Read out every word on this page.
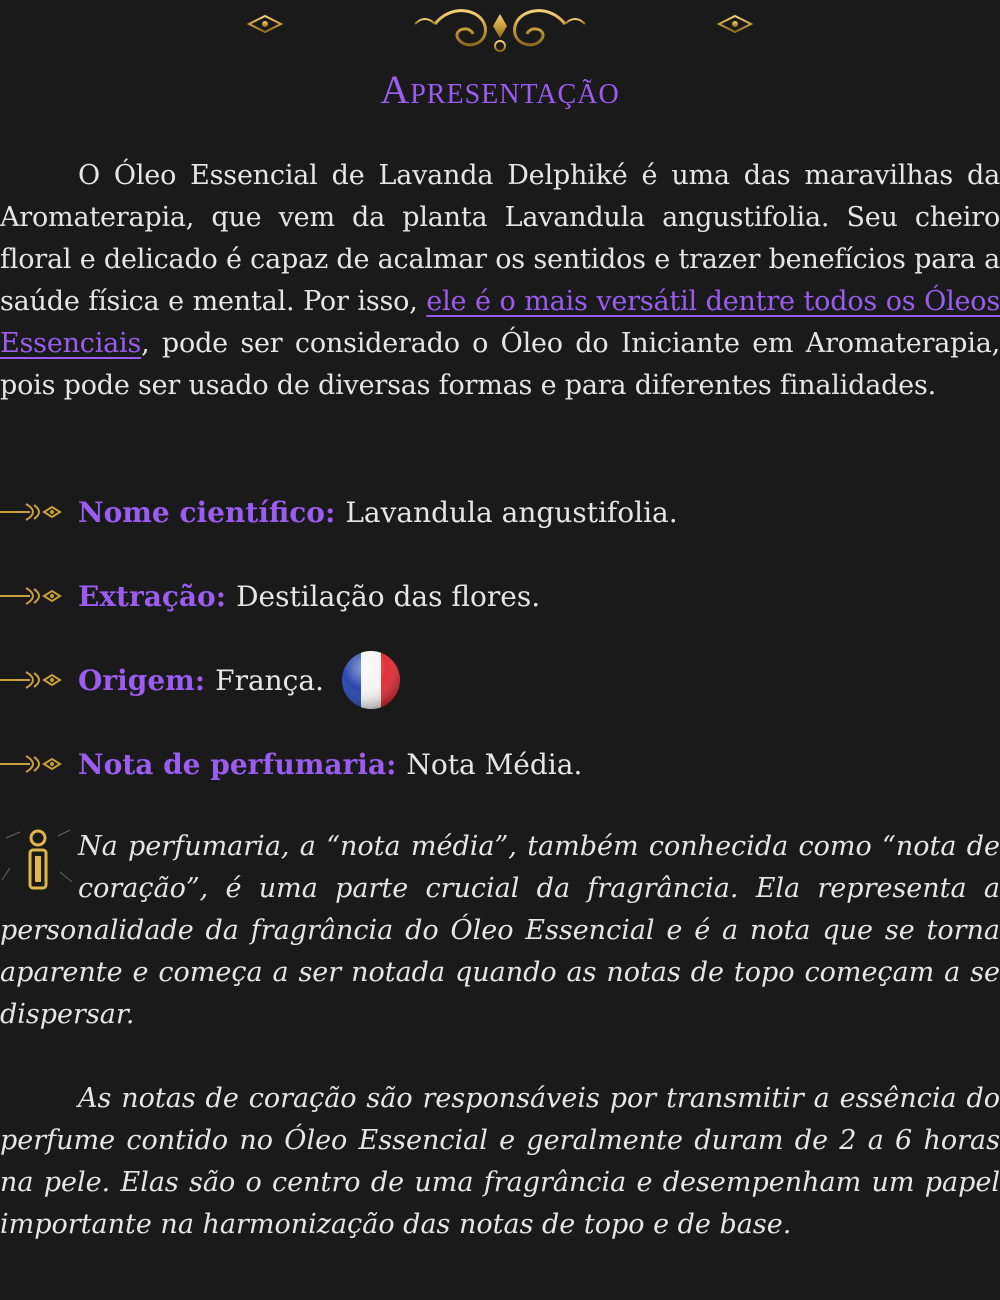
Apresentação

O Óleo Essencial de Lavanda Delphiké é uma das maravilhas da Aromaterapia, que vem da planta Lavandula angustifolia. Seu cheiro floral e delicado é capaz de acalmar os sentidos e trazer benefícios para a saúde física e mental. Por isso, ele é o mais versátil dentre todos os Óleos Essenciais, pode ser considerado o Óleo do Iniciante em Aromaterapia, pois pode ser usado de diversas formas e para diferentes finalidades.

Nome científico: Lavandula angustifolia.
Extração: Destilação das flores.
Origem: França.
Nota de perfumaria: Nota Média.

Na perfumaria, a “nota média”, também conhecida como “nota de coração”, é uma parte crucial da fragrância. Ela representa a personalidade da fragrância do Óleo Essencial e é a nota que se torna aparente e começa a ser notada quando as notas de topo começam a se dispersar.

As notas de coração são responsáveis por transmitir a essência do perfume contido no Óleo Essencial e geralmente duram de 2 a 6 horas na pele. Elas são o centro de uma fragrância e desempenham um papel importante na harmonização das notas de topo e de base.
